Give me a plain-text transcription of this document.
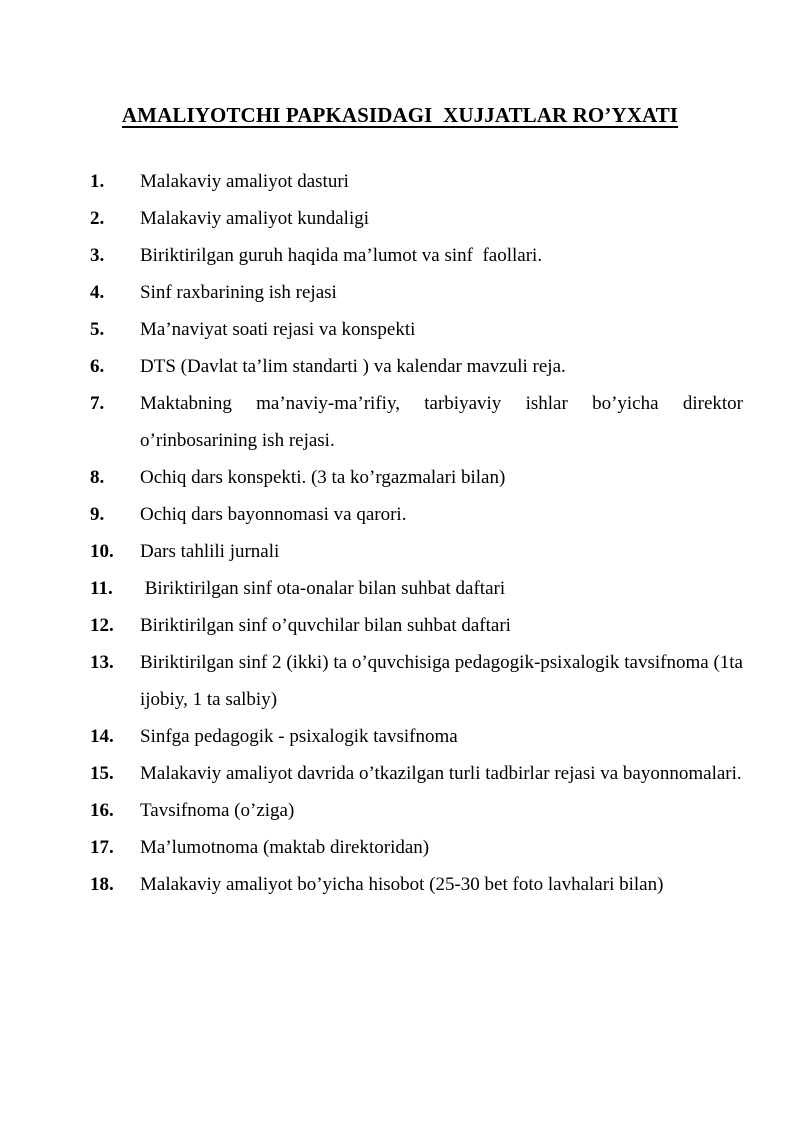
AMALIYOTCHI PAPKASIDAGI  XUJJATLAR RO’YXATI
1.	Malakaviy amaliyot dasturi
2.	Malakaviy amaliyot kundaligi
3.	Biriktirilgan guruh haqida ma’lumot va sinf  faollari.
4.	Sinf raxbarining ish rejasi
5.	Ma’naviyat soati rejasi va konspekti
6.	DTS (Davlat ta’lim standarti ) va kalendar mavzuli reja.
7.	Maktabning ma’naviy-ma’rifiy, tarbiyaviy ishlar bo’yicha direktor o’rinbosarining ish rejasi.
8.	Ochiq dars konspekti. (3 ta ko’rgazmalari bilan)
9.	Ochiq dars bayonnomasi va qarori.
10.	Dars tahlili jurnali
11.	Biriktirilgan sinf ota-onalar bilan suhbat daftari
12.	Biriktirilgan sinf o’quvchilar bilan suhbat daftari
13.	Biriktirilgan sinf 2 (ikki) ta o’quvchisiga pedagogik-psixalogik tavsifnoma (1ta ijobiy, 1 ta salbiy)
14.	Sinfga pedagogik - psixalogik tavsifnoma
15.	Malakaviy amaliyot davrida o’tkazilgan turli tadbirlar rejasi va bayonnomalari.
16.	Tavsifnoma (o’ziga)
17.	Ma’lumotnoma (maktab direktoridan)
18.	Malakaviy amaliyot bo’yicha hisobot (25-30 bet foto lavhalari bilan)
